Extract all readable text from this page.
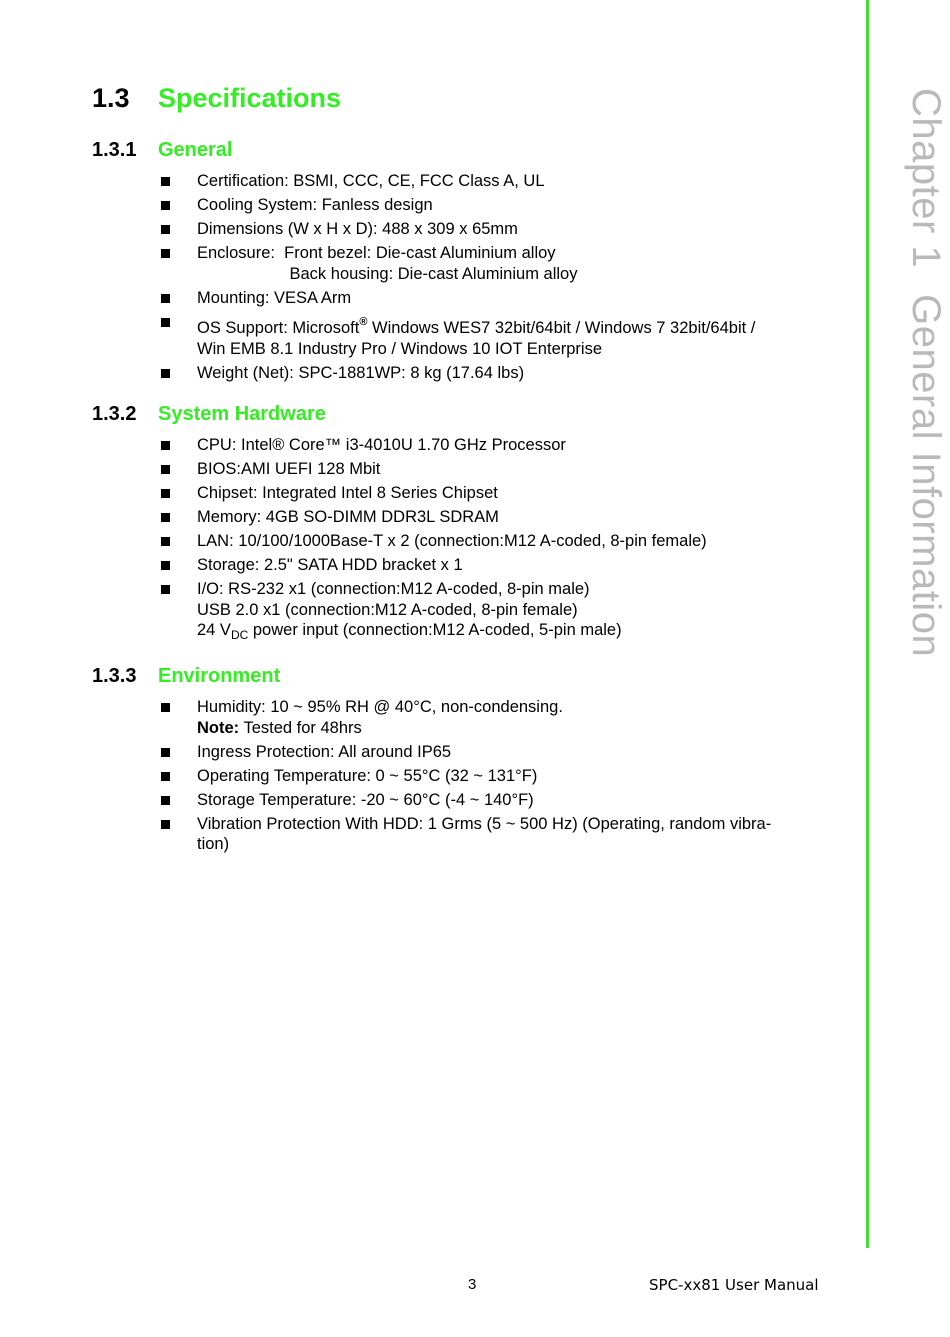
Chapter 1General Information
1.3 Specifications
1.3.1 General
Certification: BSMI, CCC, CE, FCC Class A, UL
Cooling System: Fanless design
Dimensions (W x H x D): 488 x 309 x 65mm
Enclosure:  Front bezel: Die-cast Aluminium alloy
Back housing: Die-cast Aluminium alloy
Mounting: VESA Arm
OS Support: Microsoft® Windows WES7 32bit/64bit / Windows 7 32bit/64bit /
Win EMB 8.1 Industry Pro / Windows 10 IOT Enterprise
Weight (Net): SPC-1881WP: 8 kg (17.64 lbs)
1.3.2 System Hardware
CPU: Intel® Core™ i3-4010U 1.70 GHz Processor
BIOS:AMI UEFI 128 Mbit
Chipset: Integrated Intel 8 Series Chipset
Memory: 4GB SO-DIMM DDR3L SDRAM
LAN: 10/100/1000Base-T x 2 (connection:M12 A-coded, 8-pin female)
Storage: 2.5" SATA HDD bracket x 1
I/O: RS-232 x1 (connection:M12 A-coded, 8-pin male)
USB 2.0 x1 (connection:M12 A-coded, 8-pin female)
24 $V_{DC}$ power input (connection:M12 A-coded, 5-pin male)
1.3.3 Environment
Humidity: 10 ~ 95% RH @ 40°C, non-condensing.
Note: Tested for 48hrs
Ingress Protection: All around IP65
Operating Temperature: 0 ~ 55°C (32 ~ 131°F)
Storage Temperature: -20 ~ 60°C (-4 ~ 140°F)
Vibration Protection With HDD: 1 Grms (5 ~ 500 Hz) (Operating, random vibra-
tion)
3	SPC-xx81 User Manual
